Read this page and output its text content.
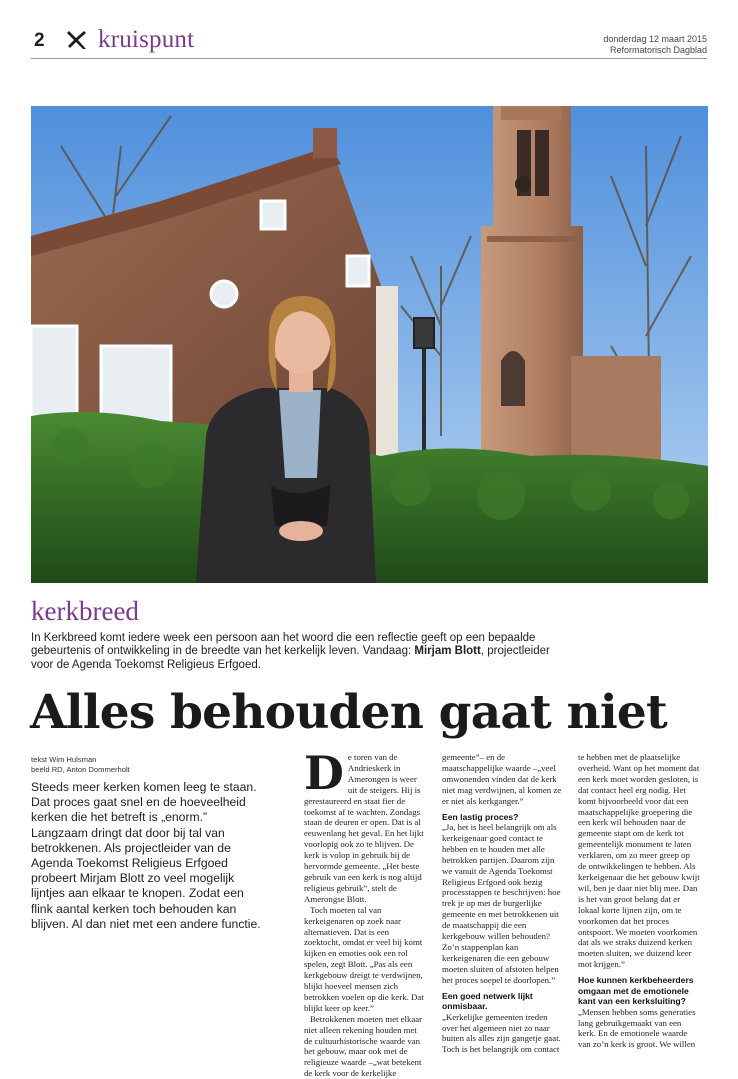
2 kruispunt	donderdag 12 maart 2015
Reformatorisch Dagblad
kerkbreed
In Kerkbreed komt iedere week een persoon aan het woord die een reflectie geeft op een bepaalde gebeurtenis of ontwikkeling in de breedte van het kerkelijk leven. Vandaag: Mirjam Blott, projectleider voor de Agenda Toekomst Religieus Erfgoed.
Alles behouden gaat niet
tekst Wim Hulsman
beeld RD, Anton Dommerholt
Steeds meer kerken komen leeg te staan. Dat proces gaat snel en de hoeveelheid kerken die het betreft is „enorm.” Langzaam dringt dat door bij tal van betrokkenen. Als projectleider van de Agenda Toekomst Religieus Erfgoed probeert Mirjam Blott zo veel mogelijk lijntjes aan elkaar te knopen. Zodat een flink aantal kerken toch behouden kan blijven. Al dan niet met een andere functie.
D e toren van de Andrieskerk in Amerongen is weer uit de steigers. Hij is gerestaureerd en staat fier de toekomst af te wachten. Zondags staan de deuren er open. Dat is al eeuwenlang het geval. En het lijkt voorlopig ook zo te blijven. De kerk is volop in gebruik bij de hervormde gemeente. „Het beste gebruik van een kerk is nog altijd religieus gebruik”, stelt de Amerongse Blott.

Toch moeten tal van kerkeigenaren op zoek naar alternatieven. Dat is een zoektocht, omdat er veel bij komt kijken en emoties ook een rol spelen, zegt Blott. „Pas als een kerkgebouw dreigt te verdwijnen, blijkt hoeveel mensen zich betrokken voelen op die kerk. Dat blijkt keer op keer.”

Betrokkenen moeten met elkaar niet alleen rekening houden met de cultuurhistorische waarde van het gebouw, maar ook met de religieuze waarde –„wat betekent de kerk voor de kerkelijke

gemeente”– en de maatschappelijke waarde –„veel omwonenden vinden dat de kerk niet mag verdwijnen, al komen ze er niet als kerkganger.”

Een lastig proces?

„Ja, het is heel belangrijk om als kerkeigenaar goed contact te hebben en te houden met alle betrokken partijen. Daarom zijn we vanuit de Agenda Toekomst Religieus Erfgoed ook bezig processtappen te beschrijven: hoe trek je op met de burgerlijke gemeente en met betrokkenen uit de maatschappij die een kerkgebouw willen behouden? Zo’n stappenplan kan kerkeigenaren die een gebouw moeten sluiten of afstoten helpen het proces soepel te doorlopen.”

Een goed netwerk lijkt onmisbaar.

„Kerkelijke gemeenten treden over het algemeen niet zo naar buiten als alles zijn gangetje gaat. Toch is het belangrijk om contact

te hebben met de plaatselijke overheid. Want op het moment dat een kerk moet worden gesloten, is dat contact heel erg nodig. Het komt bijvoorbeeld voor dat een maatschappelijke groepering die een kerk wil behouden naar de gemeente stapt om de kerk tot gemeentelijk monument te laten verklaren, om zo meer greep op de ontwikkelingen te hebben. Als kerkeigenaar die het gebouw kwijt wil, ben je daar niet blij mee. Dan is het van groot belang dat er lokaal korte lijnen zijn, om te voorkomen dat het proces ontspoort. We moeten voorkomen dat als we straks duizend kerken moeten sluiten, we duizend keer mot krijgen.”

Hoe kunnen kerkbeheerders omgaan met de emotionele kant van een kerksluiting?

„Mensen hebben soms generaties lang gebruikgemaakt van een kerk. En de emotionele waarde van zo’n kerk is groot. We willen
